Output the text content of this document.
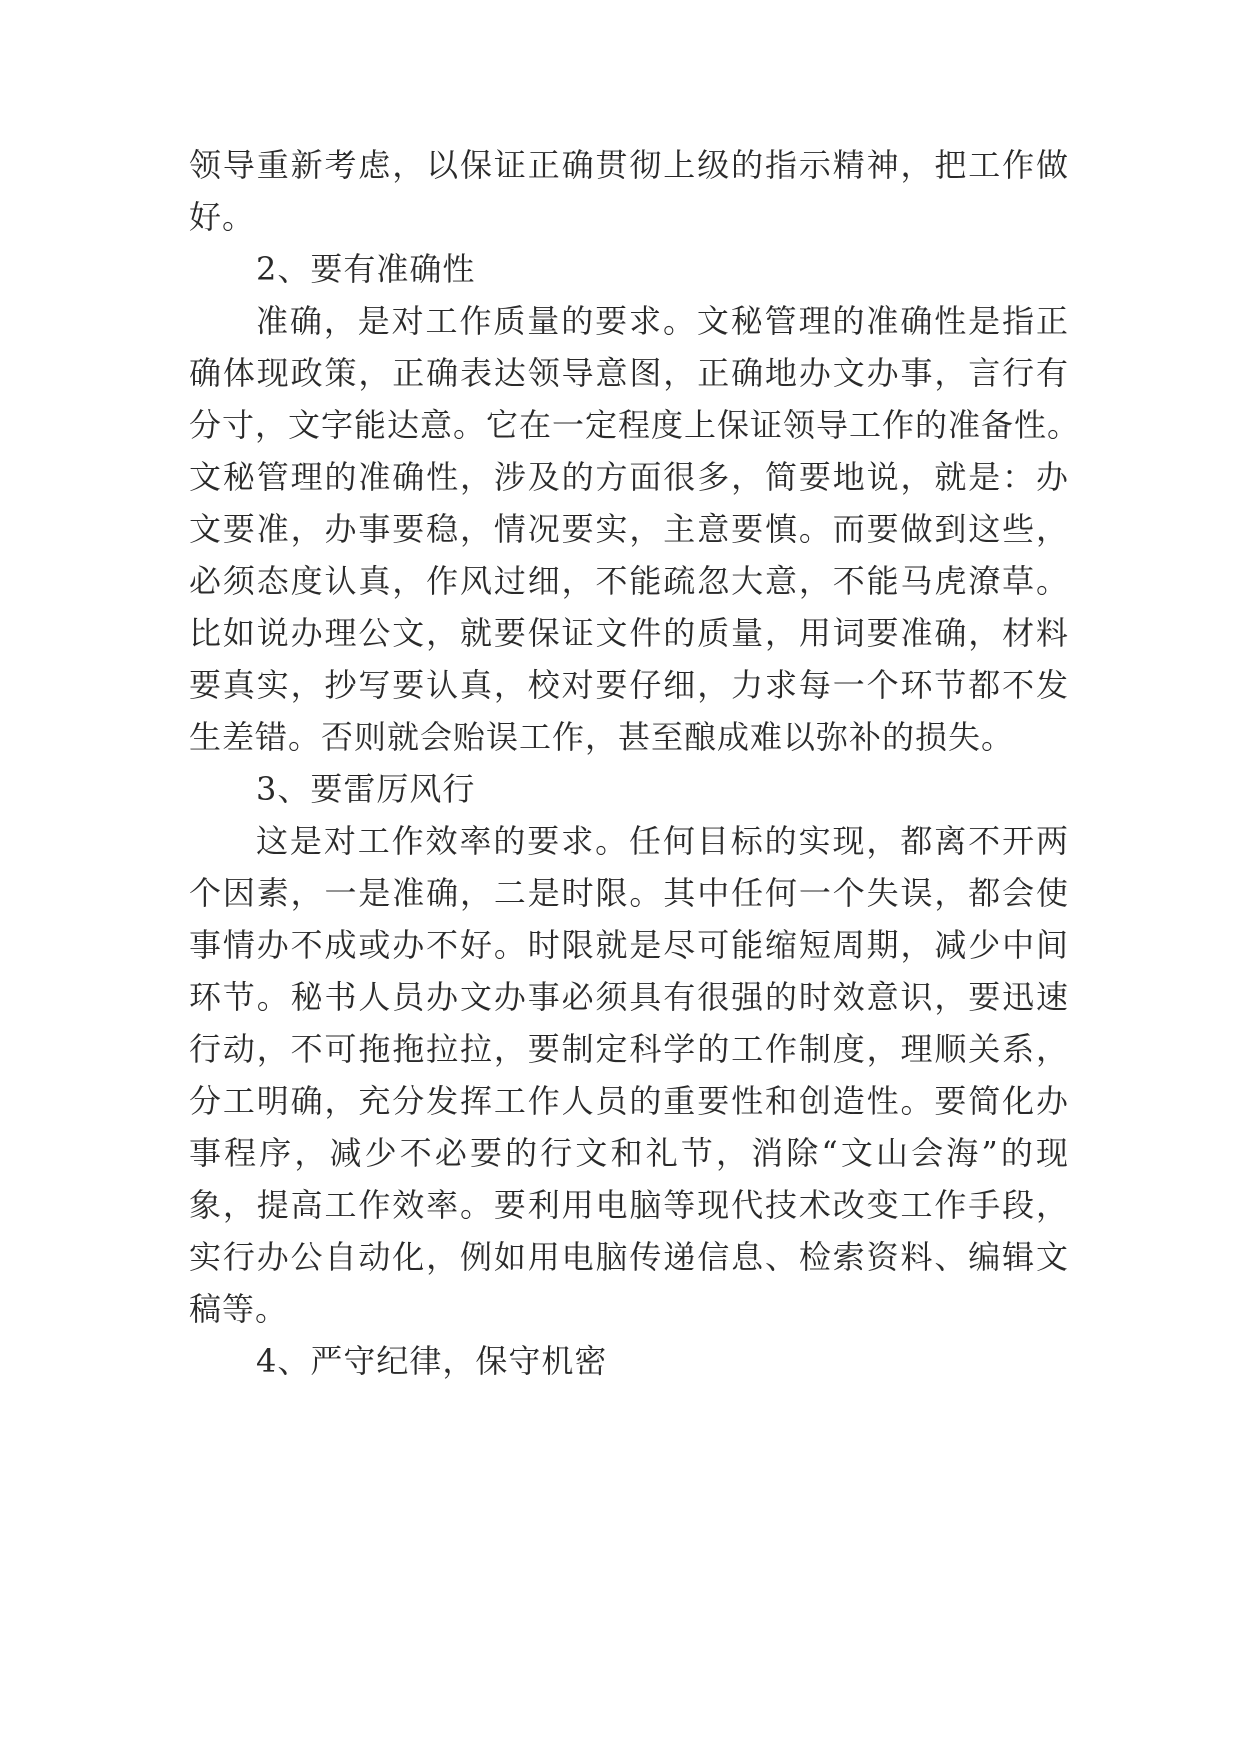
领导重新考虑，以保证正确贯彻上级的指示精神，把工作做
好。
2、要有准确性
准确，是对工作质量的要求。文秘管理的准确性是指正
确体现政策，正确表达领导意图，正确地办文办事，言行有
分寸，文字能达意。它在一定程度上保证领导工作的准备性。
文秘管理的准确性，涉及的方面很多，简要地说，就是：办
文要准，办事要稳，情况要实，主意要慎。而要做到这些，
必须态度认真，作风过细，不能疏忽大意，不能马虎潦草。
比如说办理公文，就要保证文件的质量，用词要准确，材料
要真实，抄写要认真，校对要仔细，力求每一个环节都不发
生差错。否则就会贻误工作，甚至酿成难以弥补的损失。
3、要雷厉风行
这是对工作效率的要求。任何目标的实现，都离不开两
个因素，一是准确，二是时限。其中任何一个失误，都会使
事情办不成或办不好。时限就是尽可能缩短周期，减少中间
环节。秘书人员办文办事必须具有很强的时效意识，要迅速
行动，不可拖拖拉拉，要制定科学的工作制度，理顺关系，
分工明确，充分发挥工作人员的重要性和创造性。要简化办
事程序，减少不必要的行文和礼节，消除“文山会海”的现
象，提高工作效率。要利用电脑等现代技术改变工作手段，
实行办公自动化，例如用电脑传递信息、检索资料、编辑文
稿等。
4、严守纪律，保守机密
